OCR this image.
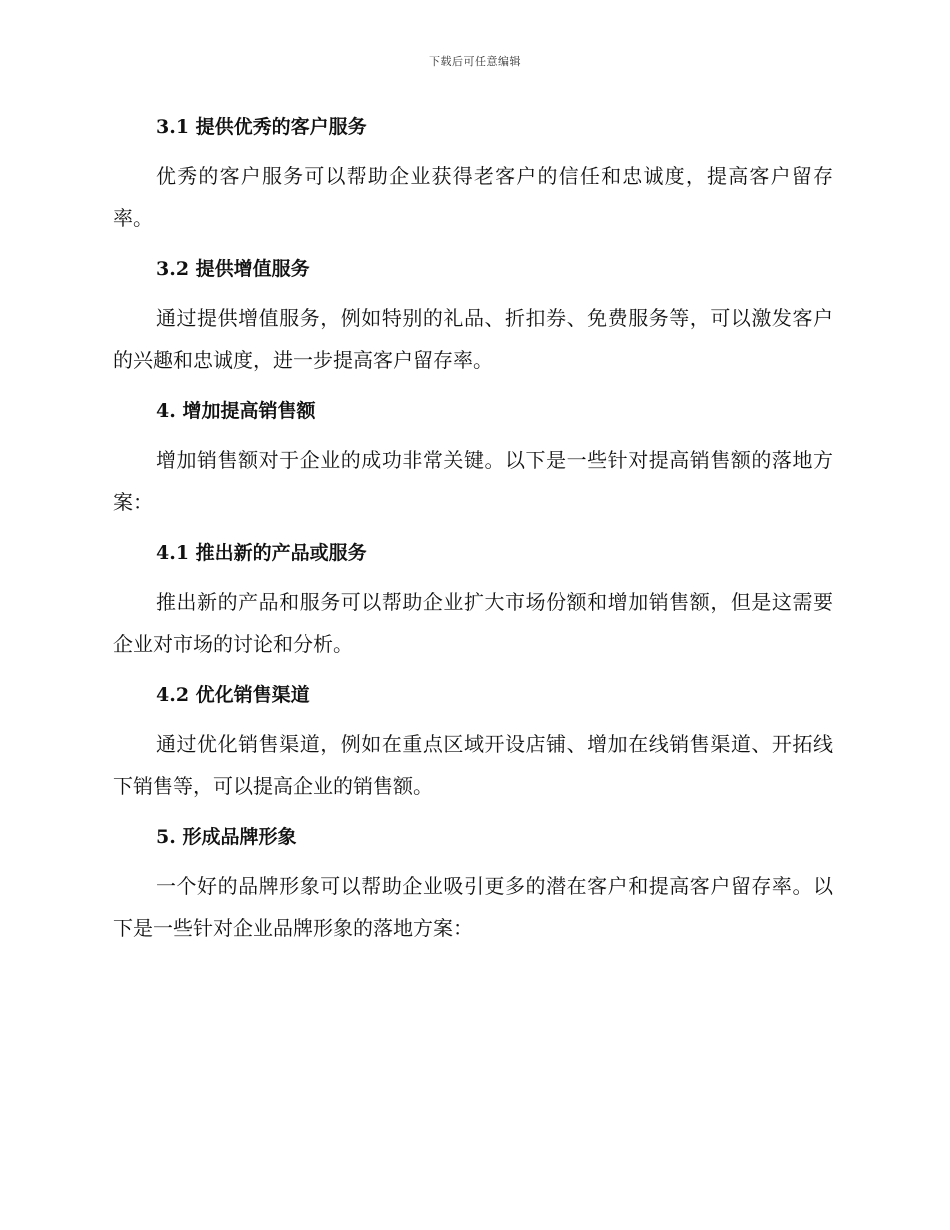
下载后可任意编辑
3.1 提供优秀的客户服务

优秀的客户服务可以帮助企业获得老客户的信任和忠诚度，提高客户留存率。

3.2 提供增值服务

通过提供增值服务，例如特别的礼品、折扣券、免费服务等，可以激发客户的兴趣和忠诚度，进一步提高客户留存率。

4. 增加提高销售额

增加销售额对于企业的成功非常关键。以下是一些针对提高销售额的落地方案：

4.1 推出新的产品或服务

推出新的产品和服务可以帮助企业扩大市场份额和增加销售额，但是这需要企业对市场的讨论和分析。

4.2 优化销售渠道

通过优化销售渠道，例如在重点区域开设店铺、增加在线销售渠道、开拓线下销售等，可以提高企业的销售额。

5. 形成品牌形象

一个好的品牌形象可以帮助企业吸引更多的潜在客户和提高客户留存率。以下是一些针对企业品牌形象的落地方案：
